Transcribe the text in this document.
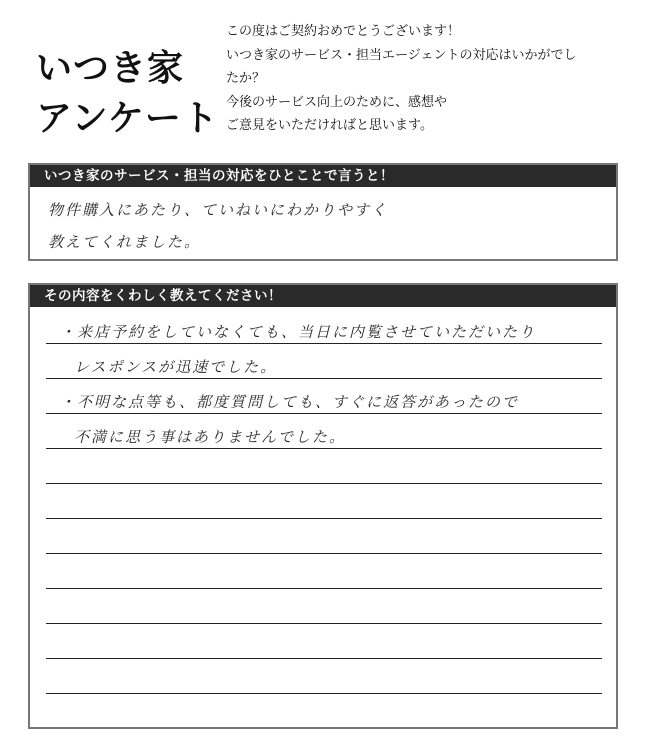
いつき家
アンケート
この度はご契約おめでとうございます！
いつき家のサービス・担当エージェントの対応はいかがでし
たか？
今後のサービス向上のために、感想や
ご意見をいただければと思います。
いつき家のサービス・担当の対応をひとことで言うと！
物件購入にあたり、ていねいにわかりやすく
教えてくれました。
その内容をくわしく教えてください！
・来店予約をしていなくても、当日に内覧させていただいたり
レスポンスが迅速でした。
・不明な点等も、都度質問しても、すぐに返答があったので
不満に思う事はありませんでした。
